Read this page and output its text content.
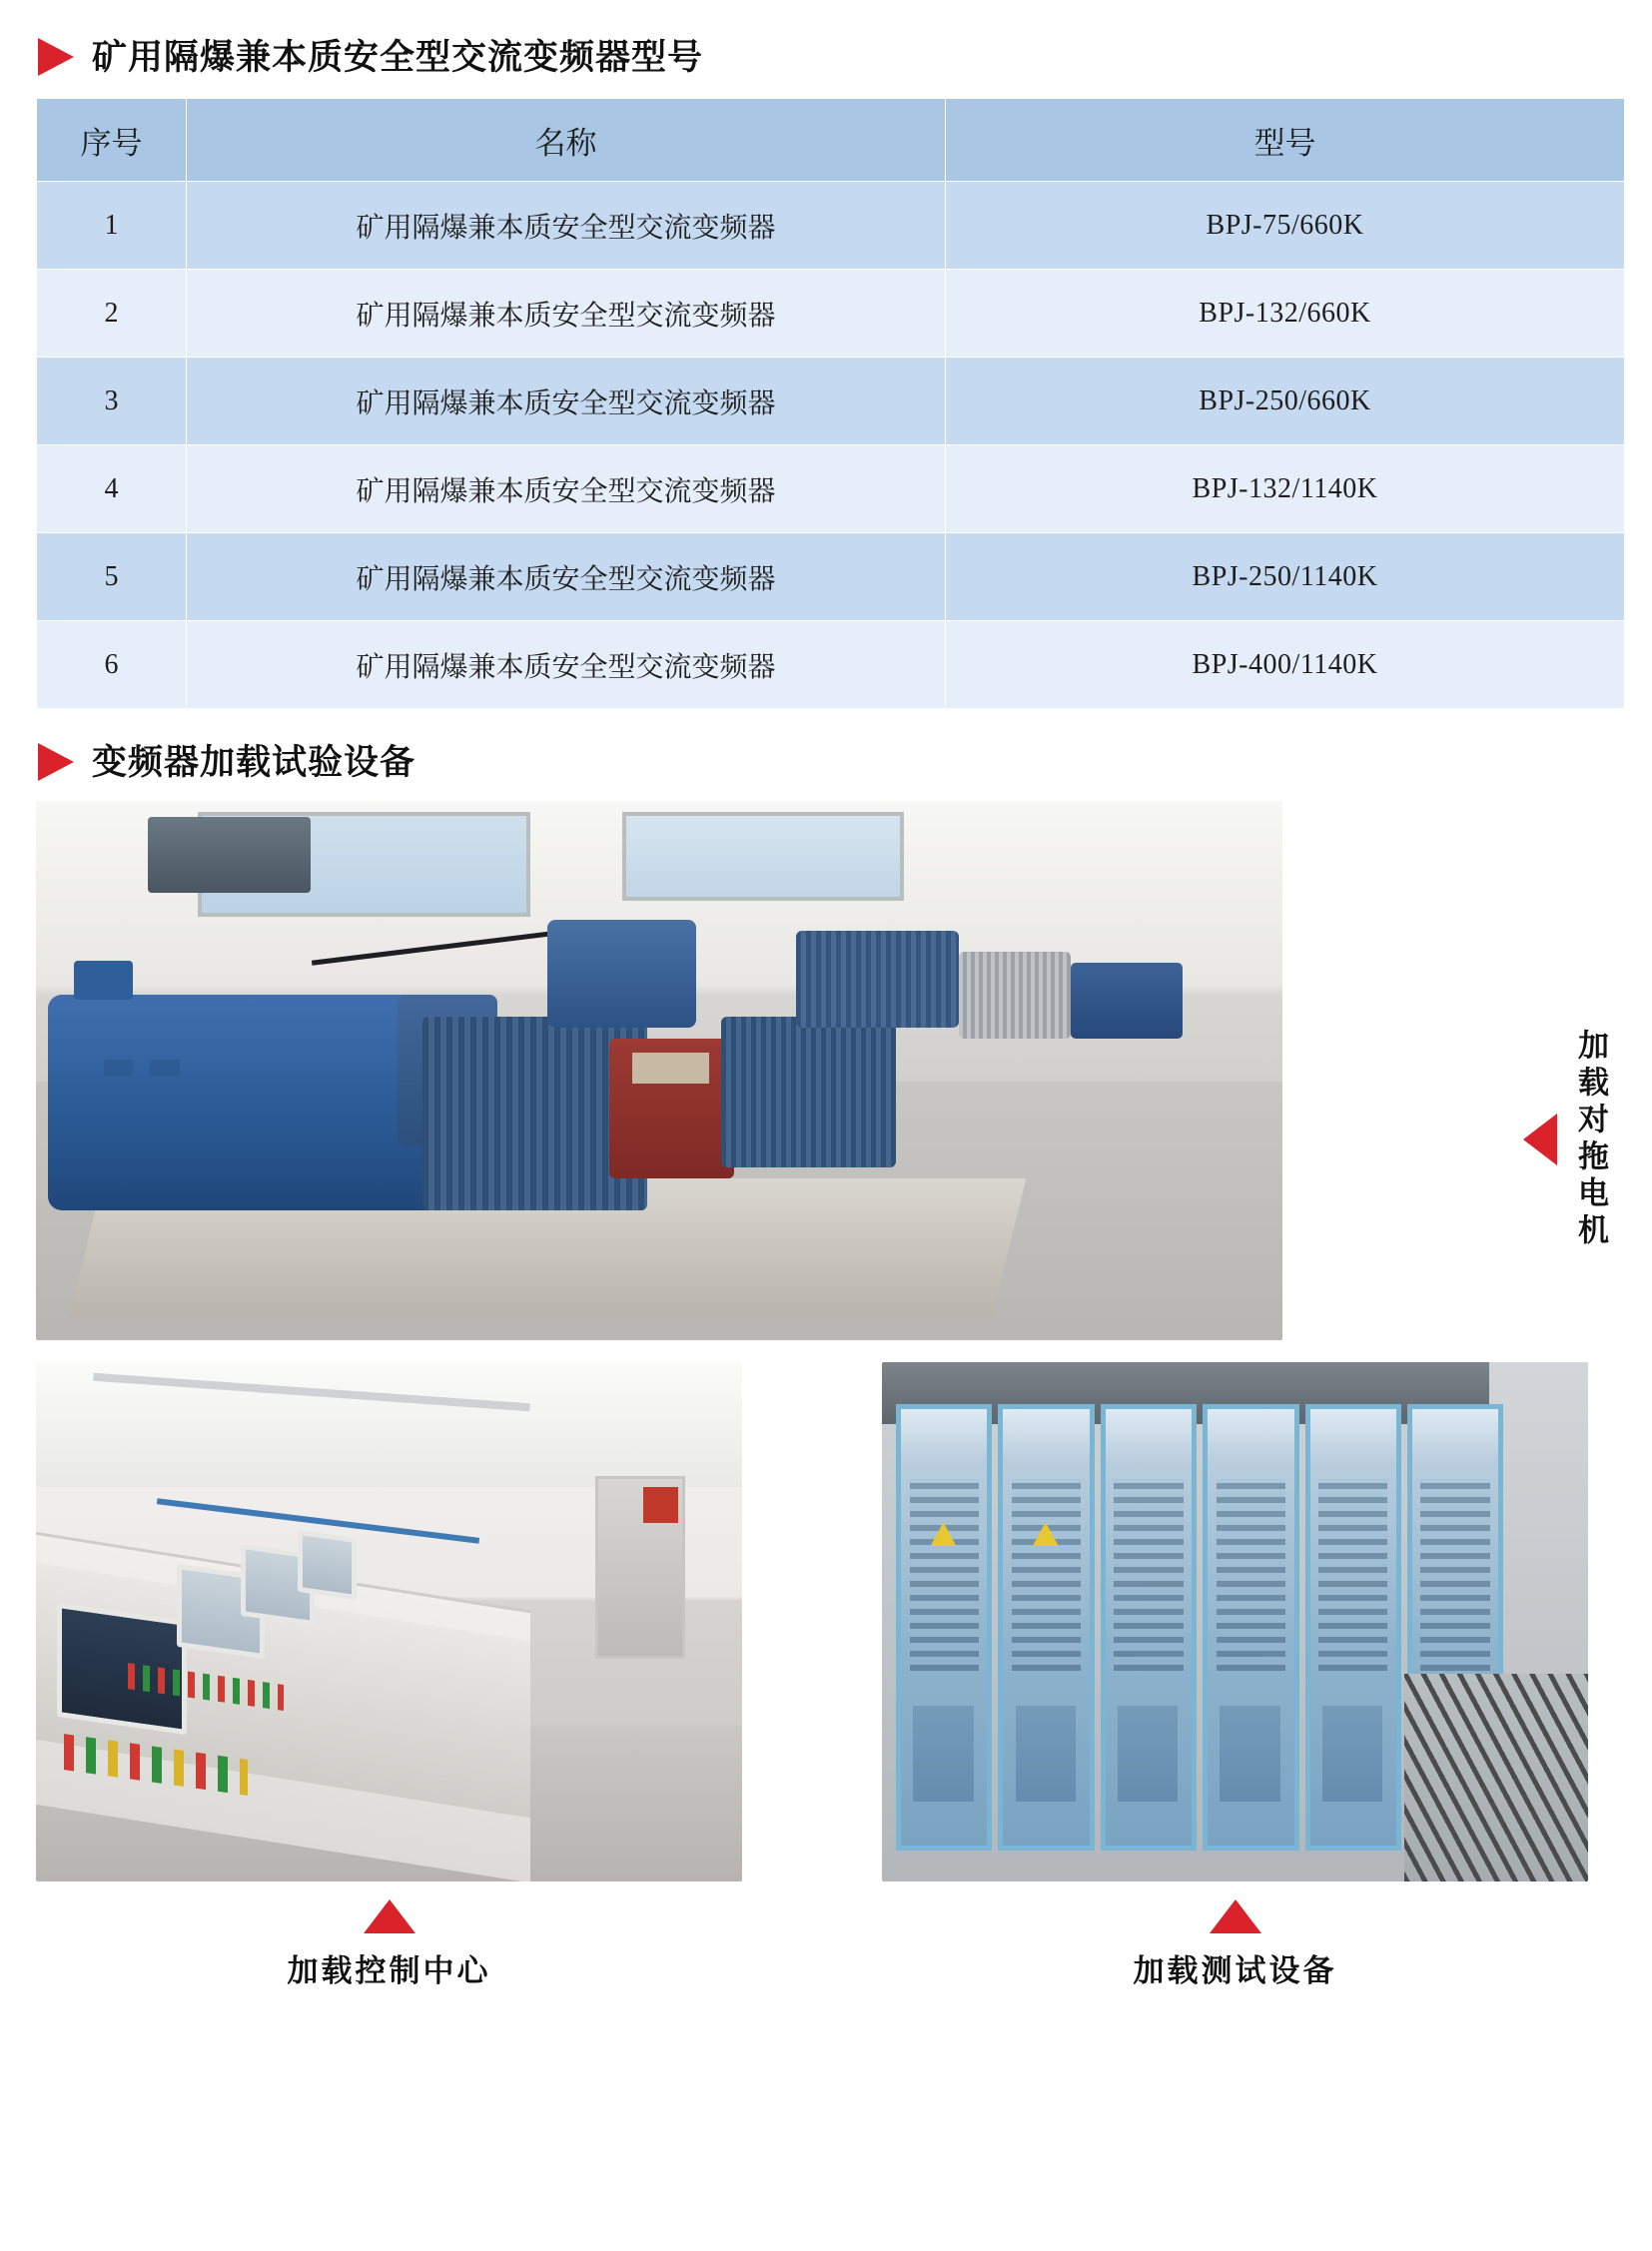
矿用隔爆兼本质安全型交流变频器型号
序号	名称	型号
1	矿用隔爆兼本质安全型交流变频器	BPJ-75/660K
2	矿用隔爆兼本质安全型交流变频器	BPJ-132/660K
3	矿用隔爆兼本质安全型交流变频器	BPJ-250/660K
4	矿用隔爆兼本质安全型交流变频器	BPJ-132/1140K
5	矿用隔爆兼本质安全型交流变频器	BPJ-250/1140K
6	矿用隔爆兼本质安全型交流变频器	BPJ-400/1140K
变频器加载试验设备
加载对拖电机
加载控制中心	加载测试设备
